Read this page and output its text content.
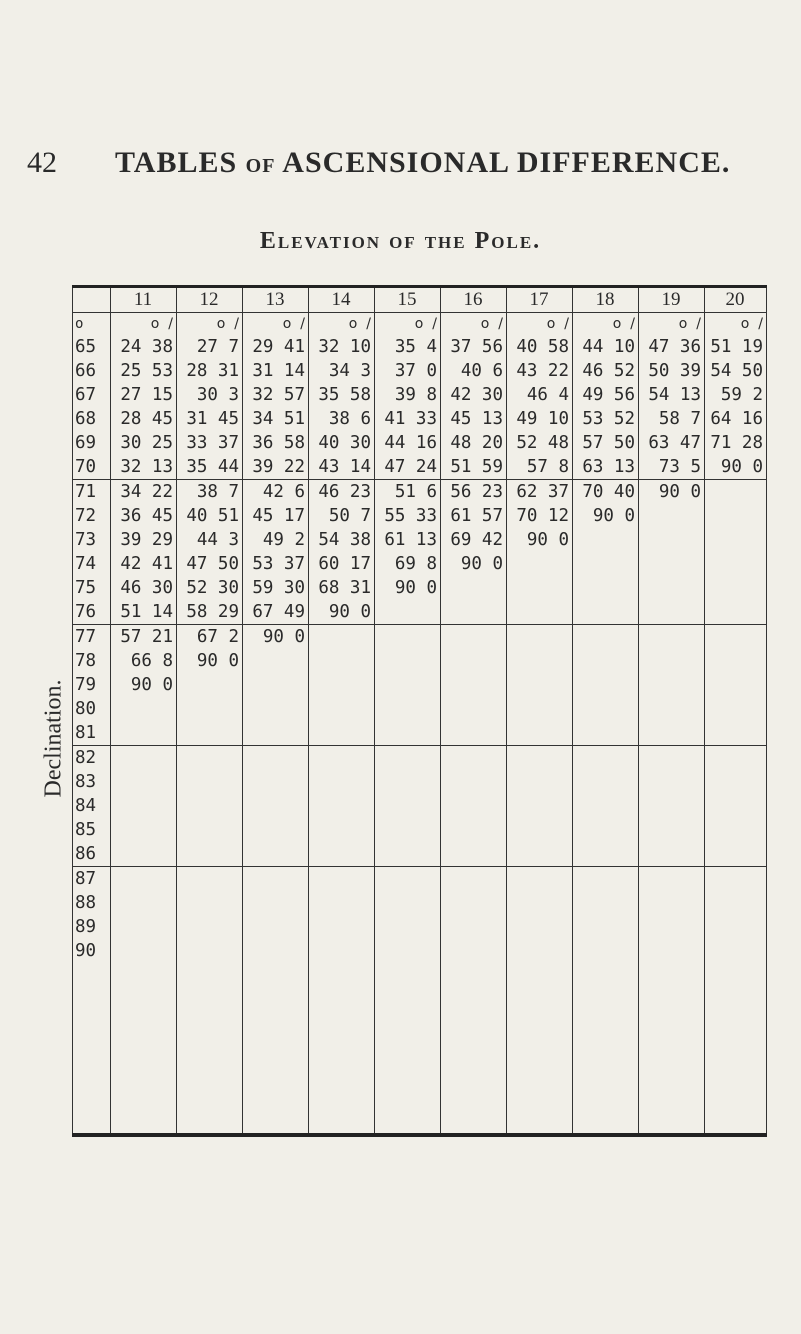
42 TABLES OF ASCENSIONAL DIFFERENCE.
Elevation of the Pole.
Declination.
	11	12	13	14	15	16	17	18	19	20
o	o /	o /	o /	o /	o /	o /	o /	o /	o /	o /
65	24 38	27 7	29 41	32 10	35 4	37 56	40 58	44 10	47 36	51 19
66	25 53	28 31	31 14	34 3	37 0	40 6	43 22	46 52	50 39	54 50
67	27 15	30 3	32 57	35 58	39 8	42 30	46 4	49 56	54 13	59 2
68	28 45	31 45	34 51	38 6	41 33	45 13	49 10	53 52	58 7	64 16
69	30 25	33 37	36 58	40 30	44 16	48 20	52 48	57 50	63 47	71 28
70	32 13	35 44	39 22	43 14	47 24	51 59	57 8	63 13	73 5	90 0
71	34 22	38 7	42 6	46 23	51 6	56 23	62 37	70 40	90 0	
72	36 45	40 51	45 17	50 7	55 33	61 57	70 12	90 0		
73	39 29	44 3	49 2	54 38	61 13	69 42	90 0			
74	42 41	47 50	53 37	60 17	69 8	90 0				
75	46 30	52 30	59 30	68 31	90 0					
76	51 14	58 29	67 49	90 0						
77	57 21	67 2	90 0							
78	66 8	90 0								
79	90 0									
80										
81										
82										
83										
84										
85										
86										
87										
88										
89										
90										
